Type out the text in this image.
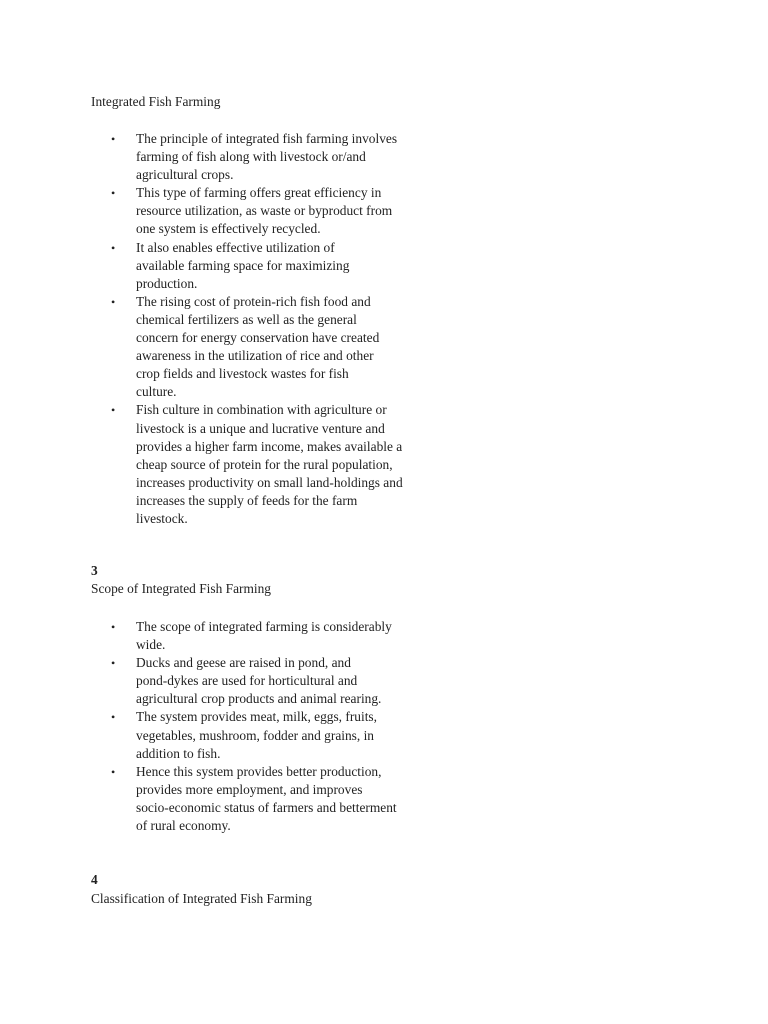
Integrated Fish Farming
• The principle of integrated fish farming involves
farming of fish along with livestock or/and
agricultural crops.
• This type of farming offers great efficiency in
resource utilization, as waste or byproduct from
one system is effectively recycled.
• It also enables effective utilization of
available farming space for maximizing
production.
• The rising cost of protein-rich fish food and
chemical fertilizers as well as the general
concern for energy conservation have created
awareness in the utilization of rice and other
crop fields and livestock wastes for fish
culture.
• Fish culture in combination with agriculture or
livestock is a unique and lucrative venture and
provides a higher farm income, makes available a
cheap source of protein for the rural population,
increases productivity on small land-holdings and
increases the supply of feeds for the farm
livestock.
3
Scope of Integrated Fish Farming
• The scope of integrated farming is considerably
wide.
• Ducks and geese are raised in pond, and
pond-dykes are used for horticultural and
agricultural crop products and animal rearing.
• The system provides meat, milk, eggs, fruits,
vegetables, mushroom, fodder and grains, in
addition to fish.
• Hence this system provides better production,
provides more employment, and improves
socio-economic status of farmers and betterment
of rural economy.
4
Classification of Integrated Fish Farming
